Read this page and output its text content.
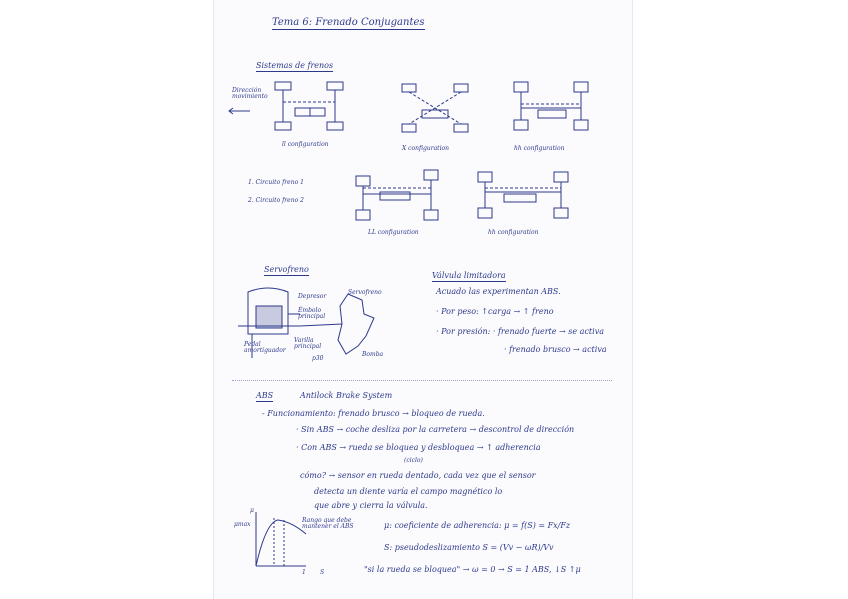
Tema 6: Frenado Conjugantes
Sistemas de frenos
Dirección movimiento
ll configuration
X configuration	hh configuration
1. Circuito freno 1
2. Circuito freno 2
LL configuration	hh configuration
Servofreno
Depresor
Émbolo principal
Servofreno
Pedal amortiguador
Varilla principal
p30
Bomba
Válvula limitadora
Acuado las experimentan ABS.
· Por peso: ↑carga → ↑ freno
· Por presión: · frenado fuerte → se activa
· frenado brusco → activa
ABS	Antilock Brake System
- Funcionamiento: frenado brusco → bloqueo de rueda.
· Sin ABS → coche desliza por la carretera → descontrol de dirección
· Con ABS → rueda se bloquea y desbloquea → ↑ adherencia
(ciclo)
cómo? → sensor en rueda dentado, cada vez que el sensor
detecta un diente varía el campo magnético lo
que abre y cierra la válvula.
μ
μmax
Rango que debe mantener el ABS
1 S
μ: coeficiente de adherencia: μ = f(S) = Fx/Fz
S: pseudodeslizamiento S = (Vv − ωR)/Vv
"si la rueda se bloquea" → ω = 0 → S = 1 ABS, ↓S ↑μ
